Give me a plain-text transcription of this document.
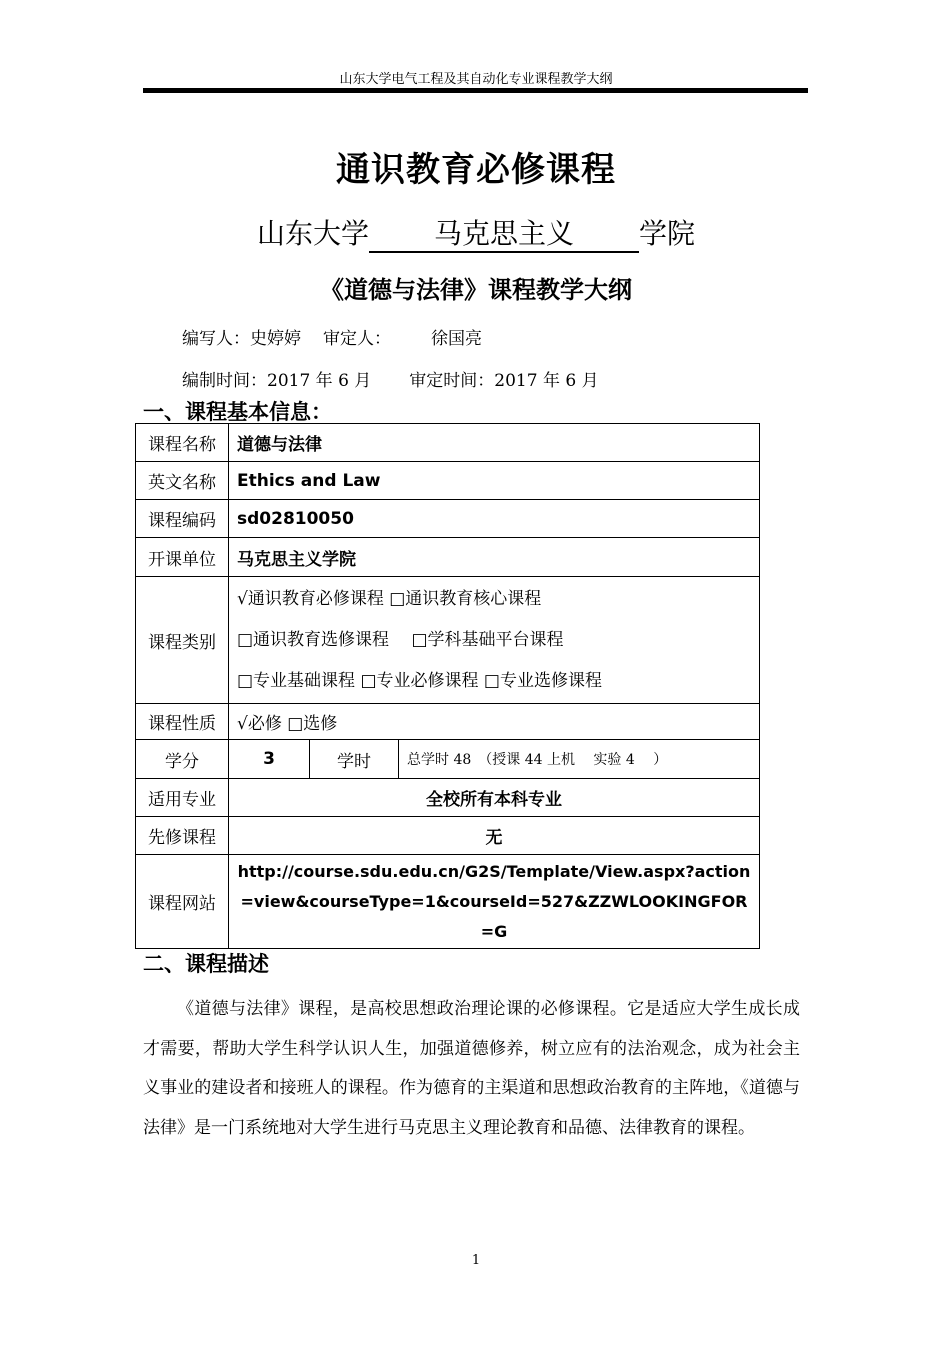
山东大学电气工程及其自动化专业课程教学大纲
通识教育必修课程
山东大学 马克思主义 学院
《道德与法律》课程教学大纲
编写人：史婷婷 审定人： 徐国亮
编制时间：2017 年 6 月 审定时间：2017 年 6 月
一、课程基本信息：
课程名称	道德与法律		
英文名称	Ethics and Law		
课程编码	sd02810050		
开课单位	马克思主义学院		
课程类别	√通识教育必修课程 □通识教育核心课程
□通识教育选修课程　 □学科基础平台课程
□专业基础课程 □专业必修课程 □专业选修课程		

课程性质	√必修 □选修		
学分	3	学时	总学时 48　（授课 44 上机　 实验 4　 ）
适用专业	全校所有本科专业		
先修课程	无		
课程网站	http://course.sdu.edu.cn/G2S/Template/View.aspx?action=view&courseType=1&courseId=527&ZZWLOOKINGFOR=G		
二、课程描述
《道德与法律》课程，是高校思想政治理论课的必修课程。它是适应大学生成长成才需要，帮助大学生科学认识人生，加强道德修养，树立应有的法治观念，成为社会主义事业的建设者和接班人的课程。作为德育的主渠道和思想政治教育的主阵地，《道德与法律》是一门系统地对大学生进行马克思主义理论教育和品德、法律教育的课程。
1
